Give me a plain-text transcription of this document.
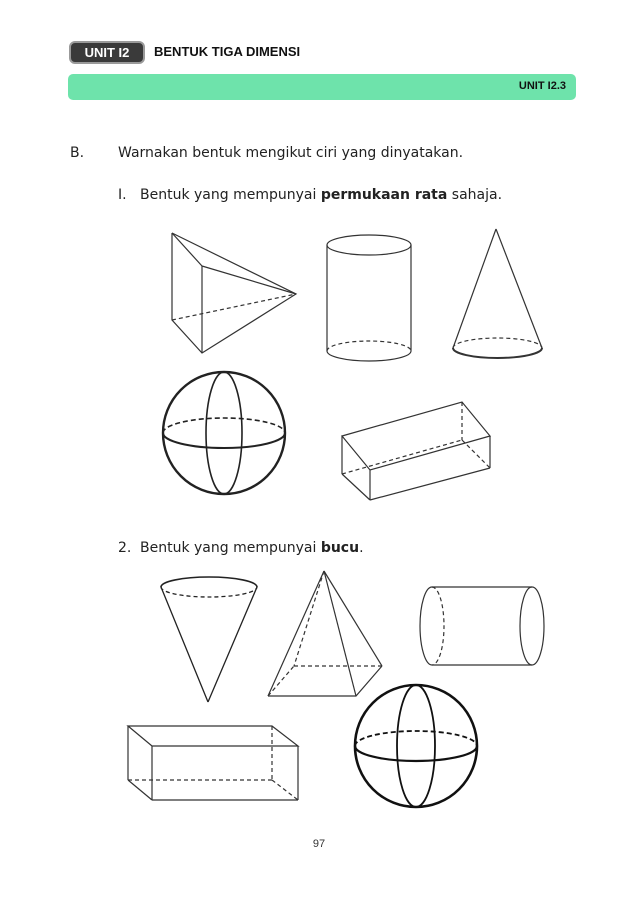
UNIT I2	BENTUK TIGA DIMENSI
UNIT I2.3
B. Warnakan bentuk mengikut ciri yang dinyatakan.
I. Bentuk yang mempunyai permukaan rata sahaja.
2. Bentuk yang mempunyai bucu.
97
